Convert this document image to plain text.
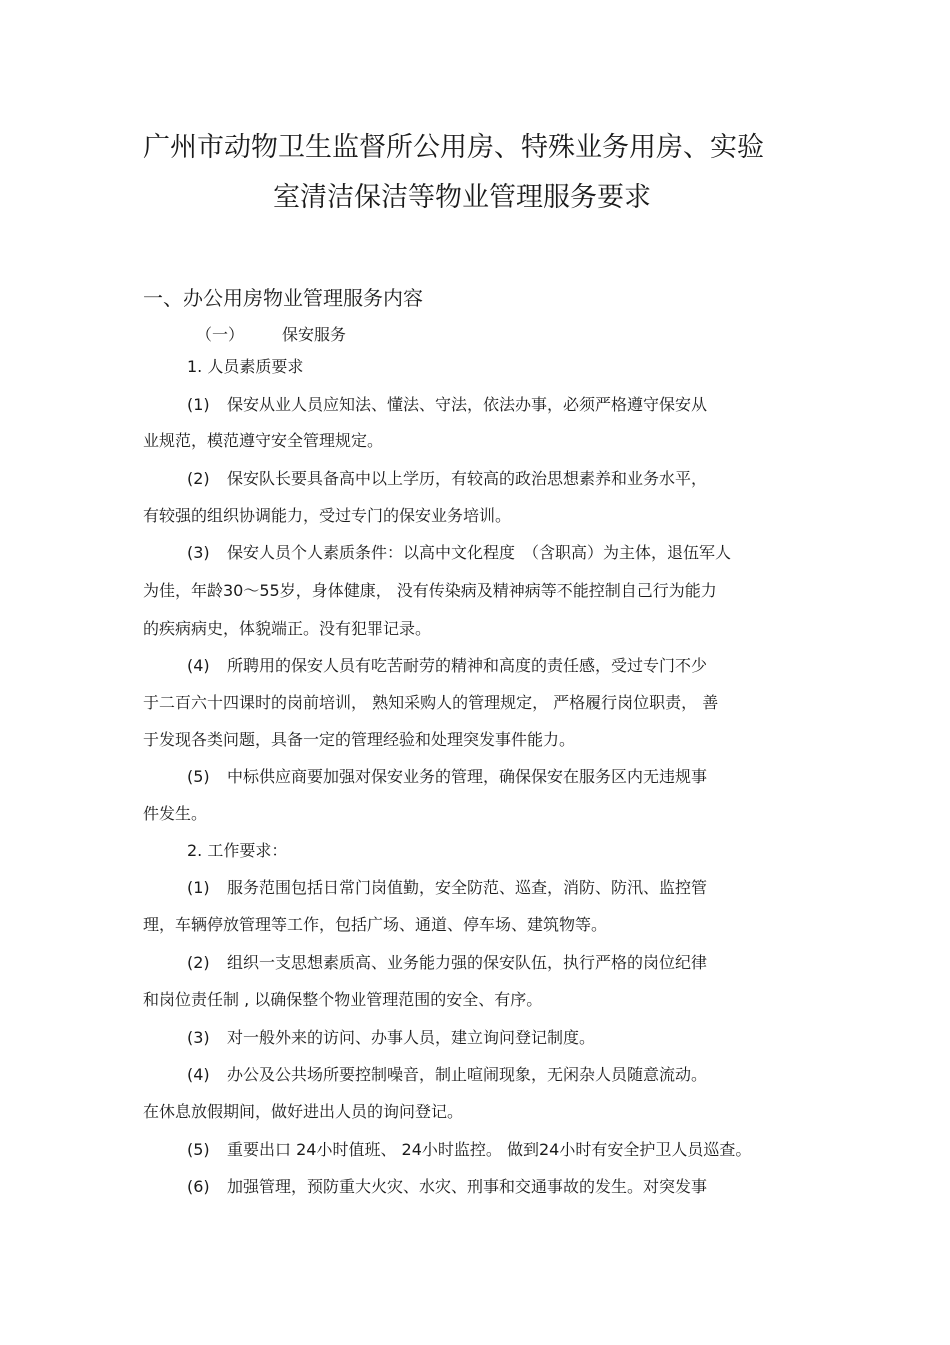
广州市动物卫生监督所公用房、特殊业务用房、实验
室清洁保洁等物业管理服务要求
一、办公用房物业管理服务内容
（一） 保安服务
1. 人员素质要求
(1) 保安从业人员应知法、懂法、守法，依法办事，必须严格遵守保安从
业规范，模范遵守安全管理规定。
(2) 保安队长要具备高中以上学历，有较高的政治思想素养和业务水平，
有较强的组织协调能力，受过专门的保安业务培训。
(3) 保安人员个人素质条件：以高中文化程度　（含职高）为主体，退伍军人
为佳，年龄30～55岁，身体健康， 没有传染病及精神病等不能控制自己行为能力
的疾病病史，体貌端正。没有犯罪记录。
(4) 所聘用的保安人员有吃苦耐劳的精神和高度的责任感，受过专门不少
于二百六十四课时的岗前培训， 熟知采购人的管理规定， 严格履行岗位职责， 善
于发现各类问题，具备一定的管理经验和处理突发事件能力。
(5) 中标供应商要加强对保安业务的管理，确保保安在服务区内无违规事
件发生。
2. 工作要求：
(1) 服务范围包括日常门岗值勤，安全防范、巡查，消防、防汛、监控管
理，车辆停放管理等工作，包括广场、通道、停车场、建筑物等。
(2) 组织一支思想素质高、业务能力强的保安队伍，执行严格的岗位纪律
和岗位责任制 , 以确保整个物业管理范围的安全、有序。
(3) 对一般外来的访问、办事人员，建立询问登记制度。
(4) 办公及公共场所要控制噪音，制止喧闹现象，无闲杂人员随意流动。
在休息放假期间，做好进出人员的询问登记。
(5) 重要出口 24小时值班、 24小时监控。 做到24小时有安全护卫人员巡查。
(6) 加强管理，预防重大火灾、水灾、刑事和交通事故的发生。对突发事
